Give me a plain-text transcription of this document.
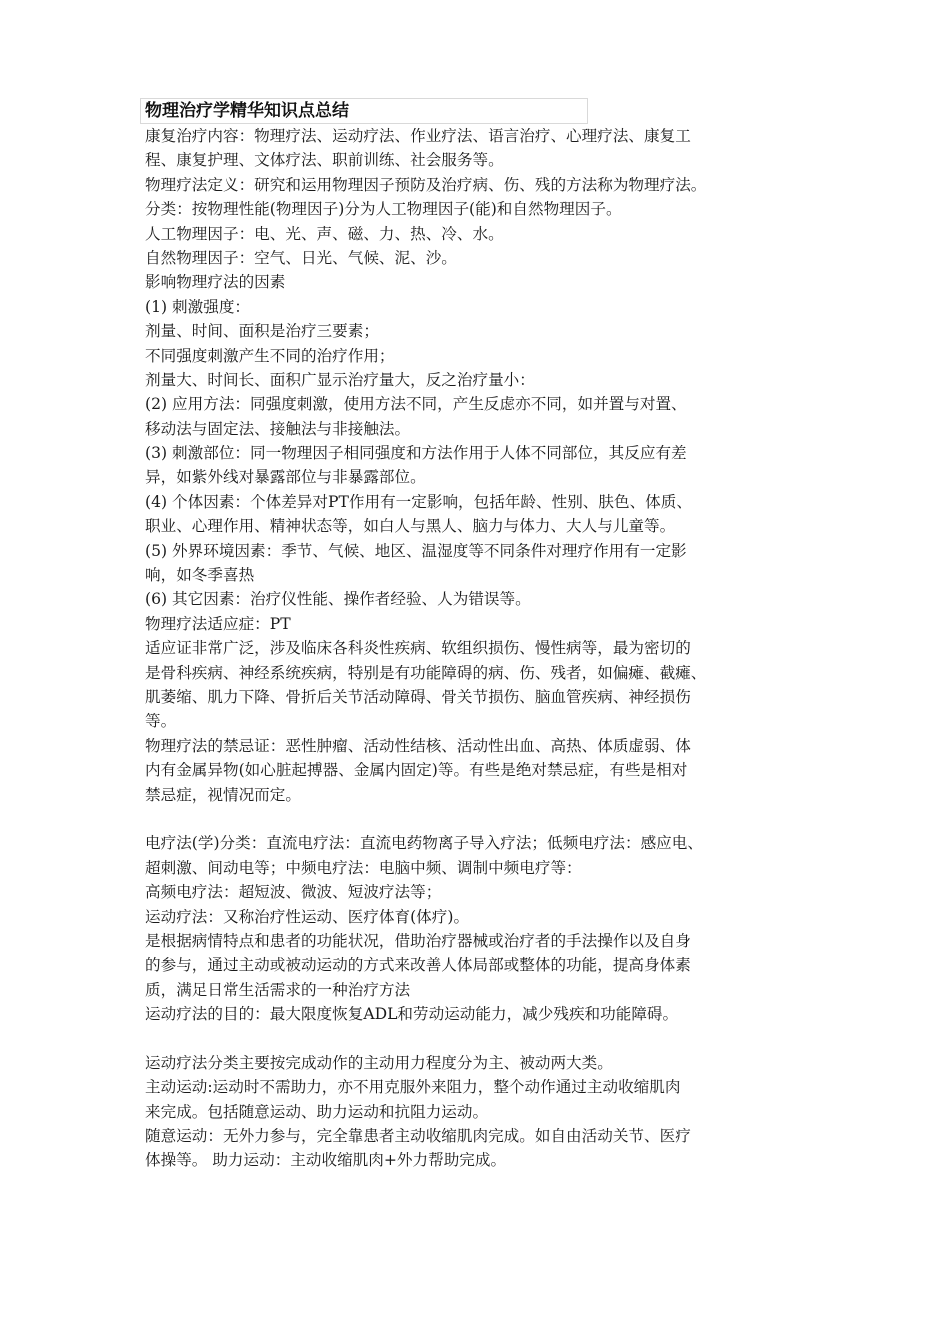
物理治疗学精华知识点总结
康复治疗内容：物理疗法、运动疗法、作业疗法、语言治疗、心理疗法、康复工
程、康复护理、文体疗法、职前训练、社会服务等。
物理疗法定义：研究和运用物理因子预防及治疗病、伤、残的方法称为物理疗法。
分类：按物理性能(物理因子)分为人工物理因子(能)和自然物理因子。
人工物理因子：电、光、声、磁、力、热、冷、水。
自然物理因子：空气、日光、气候、泥、沙。
影响物理疗法的因素
(1) 刺激强度：
剂量、时间、面积是治疗三要素；
不同强度刺激产生不同的治疗作用；
剂量大、时间长、面积广显示治疗量大，反之治疗量小：
(2) 应用方法：同强度刺激，使用方法不同，产生反虑亦不同，如并置与对置、
移动法与固定法、接触法与非接触法。
(3) 刺激部位：同一物理因子相同强度和方法作用于人体不同部位，其反应有差
异，如紫外线对暴露部位与非暴露部位。
(4) 个体因素：个体差异对PT作用有一定影响，包括年龄、性别、肤色、体质、
职业、心理作用、精神状态等，如白人与黑人、脑力与体力、大人与儿童等。
(5) 外界环境因素：季节、气候、地区、温湿度等不同条件对理疗作用有一定影
响，如冬季喜热
(6) 其它因素：治疗仪性能、操作者经验、人为错误等。
物理疗法适应症：PT
适应证非常广泛，涉及临床各科炎性疾病、软组织损伤、慢性病等，最为密切的
是骨科疾病、神经系统疾病，特别是有功能障碍的病、伤、残者，如偏瘫、截瘫、
肌萎缩、肌力下降、骨折后关节活动障碍、骨关节损伤、脑血管疾病、神经损伤
等。
物理疗法的禁忌证：恶性肿瘤、活动性结核、活动性出血、高热、体质虚弱、体
内有金属异物(如心脏起搏器、金属内固定)等。有些是绝对禁忌症，有些是相对
禁忌症，视情况而定。
电疗法(学)分类：直流电疗法：直流电药物离子导入疗法；低频电疗法：感应电、
超刺激、间动电等；中频电疗法：电脑中频、调制中频电疗等：
高频电疗法：超短波、微波、短波疗法等；
运动疗法：又称治疗性运动、医疗体育(体疗)。
是根据病情特点和患者的功能状况，借助治疗器械或治疗者的手法操作以及自身
的参与，通过主动或被动运动的方式来改善人体局部或整体的功能，提高身体素
质，满足日常生活需求的一种治疗方法
运动疗法的目的：最大限度恢复ADL和劳动运动能力，减少残疾和功能障碍。
运动疗法分类主要按完成动作的主动用力程度分为主、被动两大类。
主动运动:运动时不需助力，亦不用克服外来阻力，整个动作通过主动收缩肌肉
来完成。包括随意运动、助力运动和抗阻力运动。
随意运动：无外力参与，完全靠患者主动收缩肌肉完成。如自由活动关节、医疗
体操等。 助力运动：主动收缩肌肉+外力帮助完成。
